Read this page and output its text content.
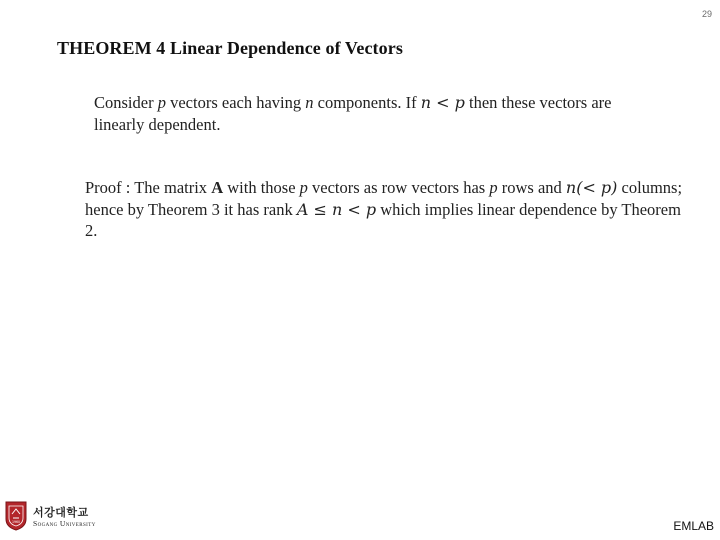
29
THEOREM 4 Linear Dependence of Vectors
Consider p vectors each having n components. If n < p then these vectors are linearly dependent.
Proof : The matrix A with those p vectors as row vectors has p rows and n(< p) columns; hence by Theorem 3 it has rank A ≤ n < p which implies linear dependence by Theorem 2.
1960
서강대학교
Sogang University	EMLAB
